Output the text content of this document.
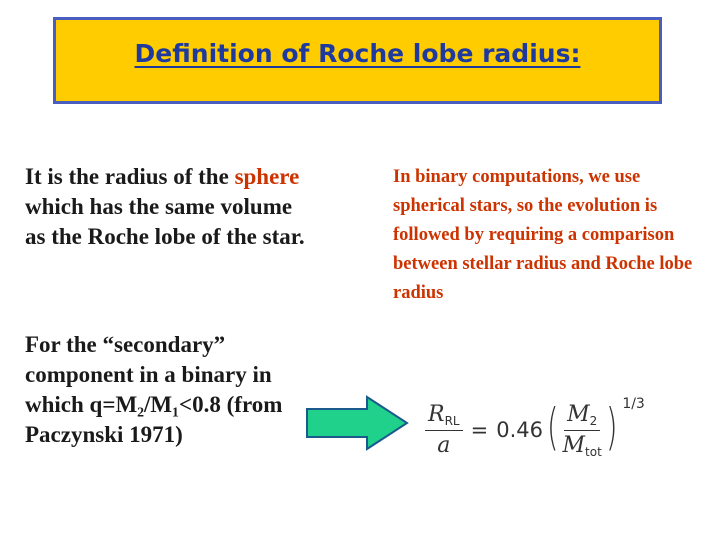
Definition of Roche lobe radius:
It is the radius of the sphere which has the same volume as the Roche lobe of the star.
For the “secondary” component in a binary in which q=M₂/M₁<0.8 (from Paczynski 1971)
In binary computations, we use spherical stars, so the evolution is followed by requiring a comparison between stellar radius and Roche lobe radius
$\frac{R_{RL}}{a} = 0.46$ ( $\frac{M_2}{M_{tot}}$ ) 1/3
